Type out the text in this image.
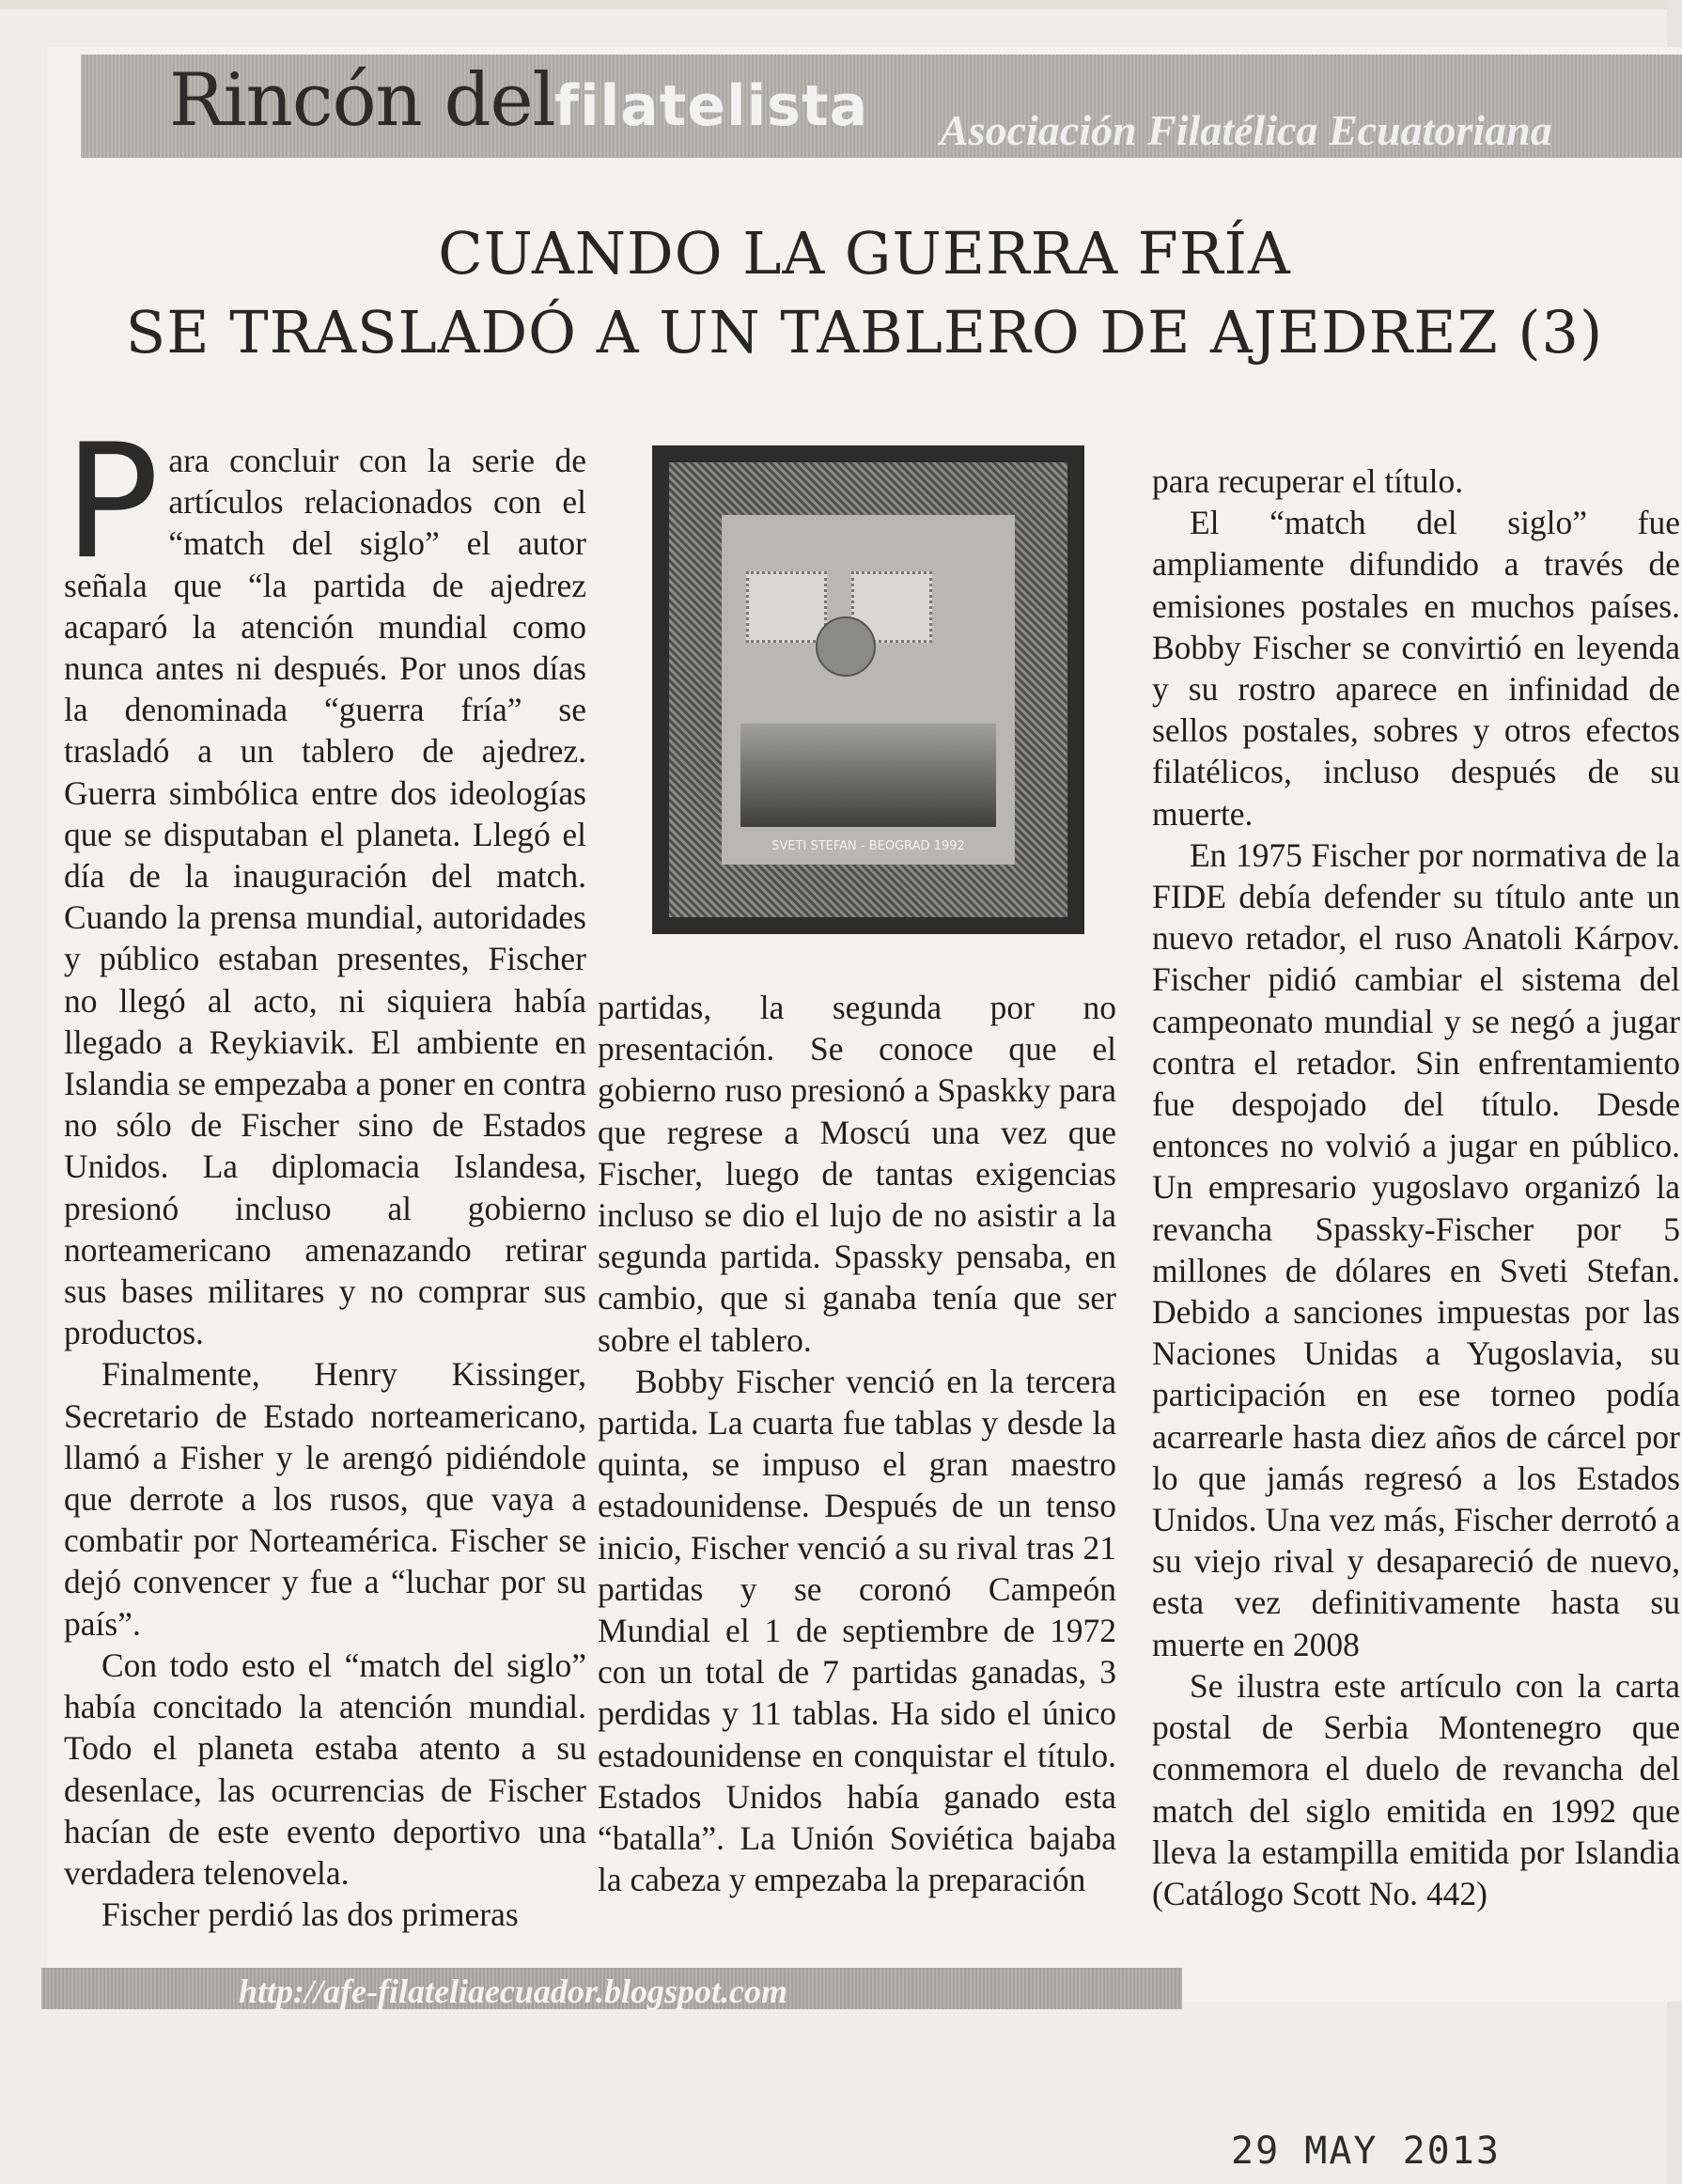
Rincón del filatelista Asociación Filatélica Ecuatoriana
CUANDO LA GUERRA FRÍA
SE TRASLADÓ A UN TABLERO DE AJEDREZ (3)
P ara concluir con la serie de artículos relacionados con el “match del siglo” el autor señala que “la partida de ajedrez acaparó la atención mundial como nunca antes ni después. Por unos días la denominada “guerra fría” se trasladó a un tablero de ajedrez. Guerra simbólica entre dos ideologías que se disputaban el planeta. Llegó el día de la inauguración del match. Cuando la prensa mundial, autoridades y público estaban presentes, Fischer no llegó al acto, ni siquiera había llegado a Reykiavik. El ambiente en Islandia se empezaba a poner en contra no sólo de Fischer sino de Estados Unidos. La diplomacia Islandesa, presionó incluso al gobierno norteamericano amenazando retirar sus bases militares y no comprar sus productos.

Finalmente, Henry Kissinger, Secretario de Estado norteamericano, llamó a Fisher y le arengó pidiéndole que derrote a los rusos, que vaya a combatir por Norteamérica. Fischer se dejó convencer y fue a “luchar por su país”.

Con todo esto el “match del siglo” había concitado la atención mundial. Todo el planeta estaba atento a su desenlace, las ocurrencias de Fischer hacían de este evento deportivo una verdadera telenovela.

Fischer perdió las dos primeras

SVETI STEFAN - BEOGRAD 1992

partidas, la segunda por no presentación. Se conoce que el gobierno ruso presionó a Spaskky para que regrese a Moscú una vez que Fischer, luego de tantas exigencias incluso se dio el lujo de no asistir a la segunda partida. Spassky pensaba, en cambio, que si ganaba tenía que ser sobre el tablero.

Bobby Fischer venció en la tercera partida. La cuarta fue tablas y desde la quinta, se impuso el gran maestro estadounidense. Después de un tenso inicio, Fischer venció a su rival tras 21 partidas y se coronó Campeón Mundial el 1 de septiembre de 1972 con un total de 7 partidas ganadas, 3 perdidas y 11 tablas. Ha sido el único estadounidense en conquistar el título. Estados Unidos había ganado esta “batalla”. La Unión Soviética bajaba la cabeza y empezaba la preparación

para recuperar el título.

El “match del siglo” fue ampliamente difundido a través de emisiones postales en muchos países. Bobby Fischer se convirtió en leyenda y su rostro aparece en infinidad de sellos postales, sobres y otros efectos filatélicos, incluso después de su muerte.

En 1975 Fischer por normativa de la FIDE debía defender su título ante un nuevo retador, el ruso Anatoli Kárpov. Fischer pidió cambiar el sistema del campeonato mundial y se negó a jugar contra el retador. Sin enfrentamiento fue despojado del título. Desde entonces no volvió a jugar en público. Un empresario yugoslavo organizó la revancha Spassky-Fischer por 5 millones de dólares en Sveti Stefan. Debido a sanciones impuestas por las Naciones Unidas a Yugoslavia, su participación en ese torneo podía acarrearle hasta diez años de cárcel por lo que jamás regresó a los Estados Unidos. Una vez más, Fischer derrotó a su viejo rival y desapareció de nuevo, esta vez definitivamente hasta su muerte en 2008

Se ilustra este artículo con la carta postal de Serbia Montenegro que conmemora el duelo de revancha del match del siglo emitida en 1992 que lleva la estampilla emitida por Islandia (Catálogo Scott No. 442)

http://afe-filateliaecuador.blogspot.com
29 MAY 2013
